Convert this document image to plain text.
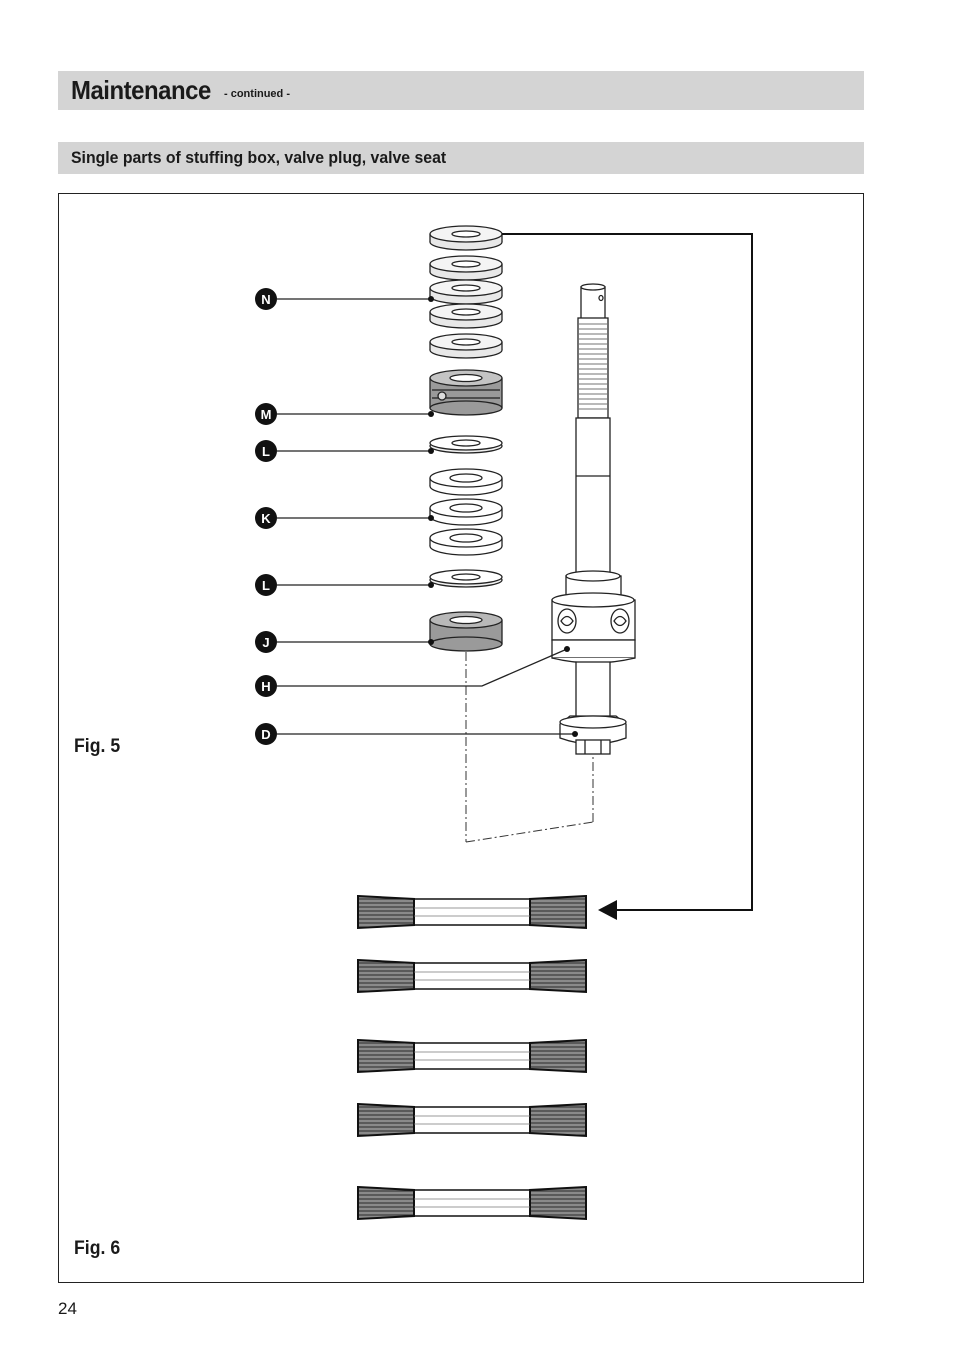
Maintenance - continued -
Single parts of stuffing box, valve plug, valve seat
N
M
L
K
L
J
H
D
Fig. 5
Fig. 6
24
